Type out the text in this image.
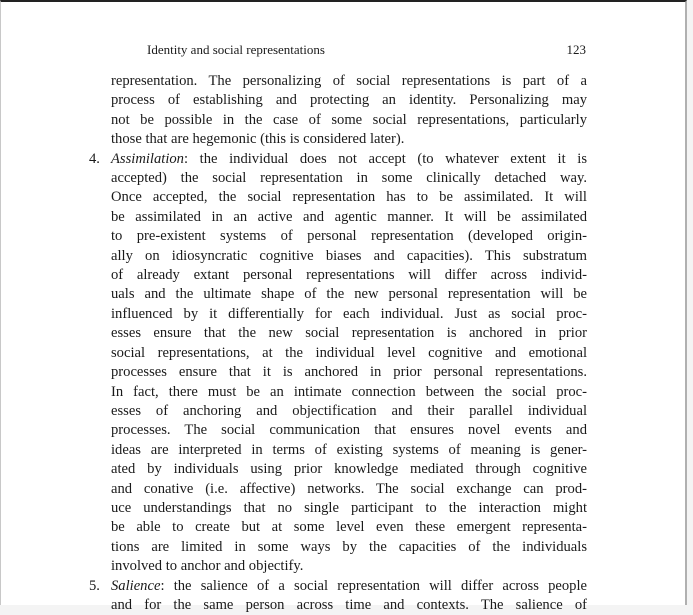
Identity and social representations	123
representation. The personalizing of social representations is part of a
process of establishing and protecting an identity. Personalizing may
not be possible in the case of some social representations, particularly
those that are hegemonic (this is considered later).
4. Assimilation: the individual does not accept (to whatever extent it is
accepted) the social representation in some clinically detached way.
Once accepted, the social representation has to be assimilated. It will
be assimilated in an active and agentic manner. It will be assimilated
to pre-existent systems of personal representation (developed origin-
ally on idiosyncratic cognitive biases and capacities). This substratum
of already extant personal representations will differ across individ-
uals and the ultimate shape of the new personal representation will be
influenced by it differentially for each individual. Just as social proc-
esses ensure that the new social representation is anchored in prior
social representations, at the individual level cognitive and emotional
processes ensure that it is anchored in prior personal representations.
In fact, there must be an intimate connection between the social proc-
esses of anchoring and objectification and their parallel individual
processes. The social communication that ensures novel events and
ideas are interpreted in terms of existing systems of meaning is gener-
ated by individuals using prior knowledge mediated through cognitive
and conative (i.e. affective) networks. The social exchange can prod-
uce understandings that no single participant to the interaction might
be able to create but at some level even these emergent representa-
tions are limited in some ways by the capacities of the individuals
involved to anchor and objectify.
5. Salience: the salience of a social representation will differ across people
and for the same person across time and contexts. The salience of
